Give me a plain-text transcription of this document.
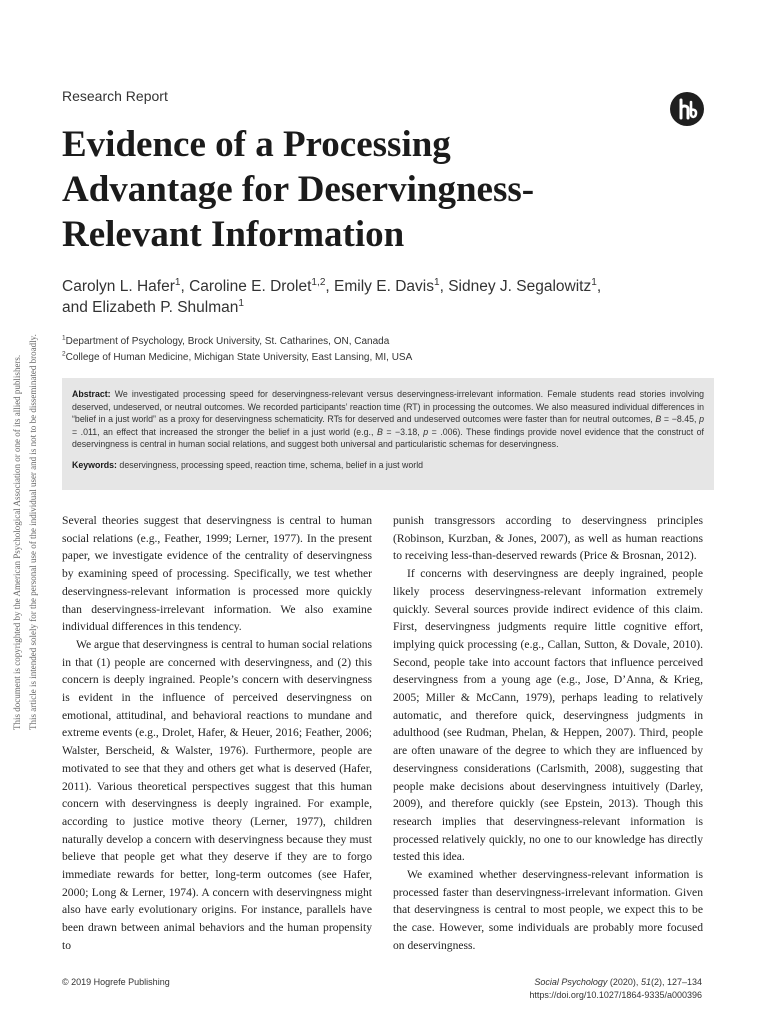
This document is copyrighted by the American Psychological Association or one of its allied publishers. This article is intended solely for the personal use of the individual user and is not to be disseminated broadly.
Research Report
Evidence of a Processing
Advantage for Deservingness-
Relevant Information
Carolyn L. Hafer$^1$, Caroline E. Drolet$^{1,2}$, Emily E. Davis$^1$, Sidney J. Segalowitz$^1$,
and Elizabeth P. Shulman$^1$
$^1$Department of Psychology, Brock University, St. Catharines, ON, Canada
$^2$College of Human Medicine, Michigan State University, East Lansing, MI, USA

Abstract: We investigated processing speed for deservingness-relevant versus deservingness-irrelevant information. Female students read stories involving deserved, undeserved, or neutral outcomes. We recorded participants’ reaction time (RT) in processing the outcomes. We also measured individual differences in “belief in a just world” as a proxy for deservingness schematicity. RTs for deserved and undeserved outcomes were faster than for neutral outcomes, B = −8.45, p = .011, an effect that increased the stronger the belief in a just world (e.g., B = −3.18, p = .006). These findings provide novel evidence that the construct of deservingness is central in human social relations, and suggest both universal and particularistic schemas for deservingness.

Keywords: deservingness, processing speed, reaction time, schema, belief in a just world

Several theories suggest that deservingness is central to human social relations (e.g., Feather, 1999; Lerner, 1977). In the present paper, we investigate evidence of the centrality of deservingness by examining speed of processing. Specifically, we test whether deservingness-relevant information is processed more quickly than deservingness-irrelevant information. We also examine individual differences in this tendency.

We argue that deservingness is central to human social relations in that (1) people are concerned with deservingness, and (2) this concern is deeply ingrained. People’s concern with deservingness is evident in the influence of perceived deservingness on emotional, attitudinal, and behavioral reactions to mundane and extreme events (e.g., Drolet, Hafer, & Heuer, 2016; Feather, 2006; Walster, Berscheid, & Walster, 1976). Furthermore, people are motivated to see that they and others get what is deserved (Hafer, 2011). Various theoretical perspectives suggest that this human concern with deservingness is deeply ingrained. For example, according to justice motive theory (Lerner, 1977), children naturally develop a concern with deservingness because they must believe that people get what they deserve if they are to forgo immediate rewards for better, long-term outcomes (see Hafer, 2000; Long & Lerner, 1974). A concern with deservingness might also have early evolutionary origins. For instance, parallels have been drawn between animal behaviors and the human propensity to

punish transgressors according to deservingness principles (Robinson, Kurzban, & Jones, 2007), as well as human reactions to receiving less-than-deserved rewards (Price & Brosnan, 2012).

If concerns with deservingness are deeply ingrained, people likely process deservingness-relevant information extremely quickly. Several sources provide indirect evidence of this claim. First, deservingness judgments require little cognitive effort, implying quick processing (e.g., Callan, Sutton, & Dovale, 2010). Second, people take into account factors that influence perceived deservingness from a young age (e.g., Jose, D’Anna, & Krieg, 2005; Miller & McCann, 1979), perhaps leading to relatively automatic, and therefore quick, deservingness judgments in adulthood (see Rudman, Phelan, & Heppen, 2007). Third, people are often unaware of the degree to which they are influenced by deservingness considerations (Carlsmith, 2008), suggesting that people make decisions about deservingness intuitively (Darley, 2009), and therefore quickly (see Epstein, 2013). Though this research implies that deservingness-relevant information is processed relatively quickly, no one to our knowledge has directly tested this idea.

We examined whether deservingness-relevant information is processed faster than deservingness-irrelevant information. Given that deservingness is central to most people, we expect this to be the case. However, some individuals are probably more focused on deservingness.

© 2019 Hogrefe Publishing	Social Psychology (2020), 51(2), 127–134
https://doi.org/10.1027/1864-9335/a000396
